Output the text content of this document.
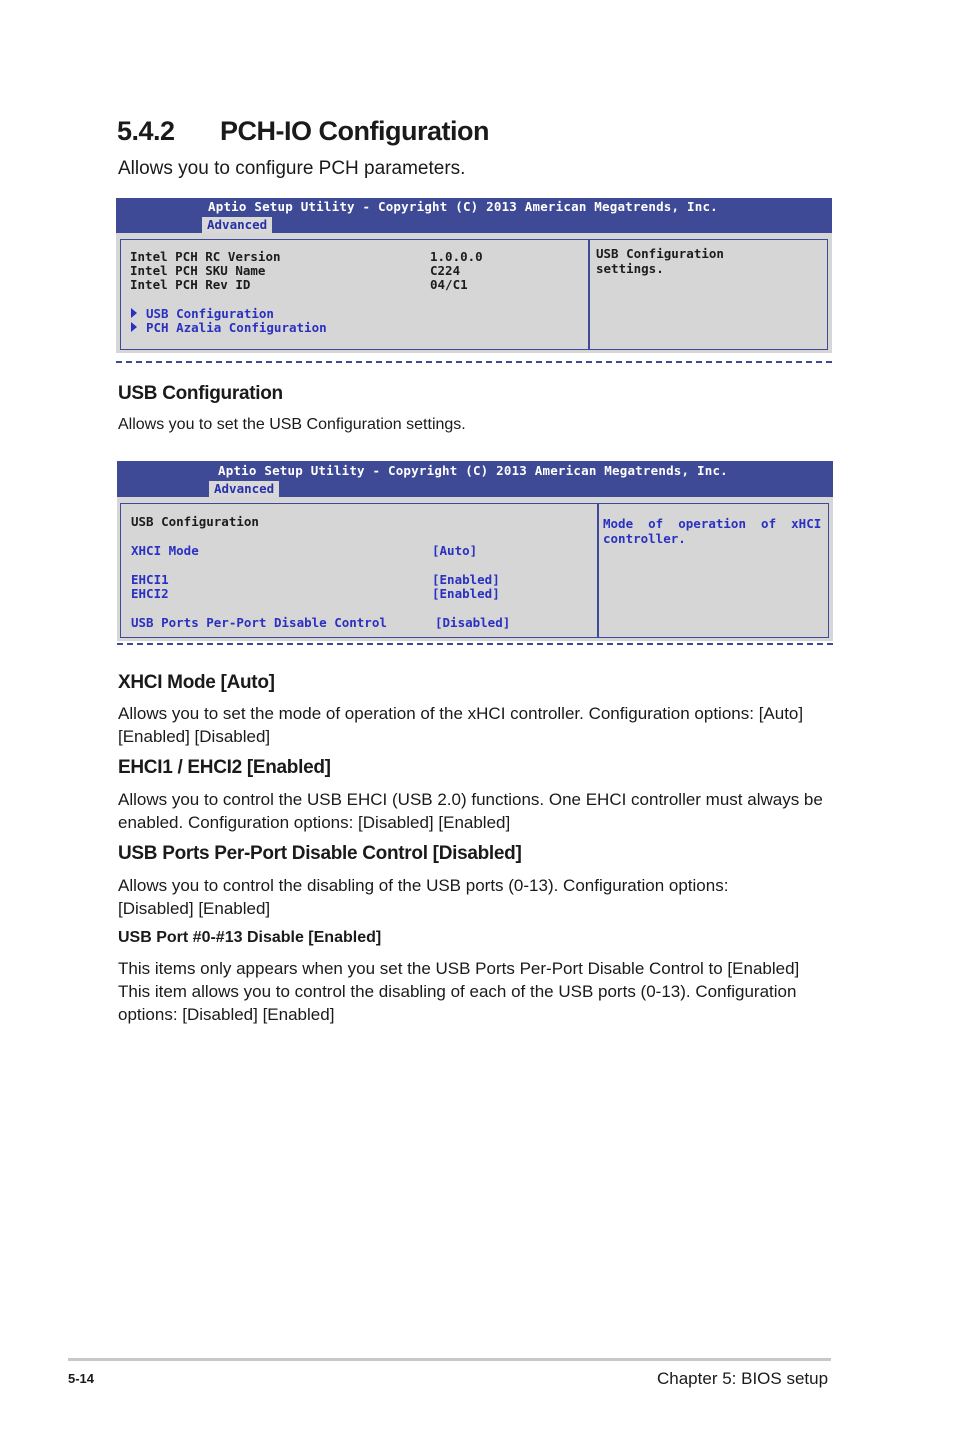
5.4.2 PCH-IO Configuration
Allows you to configure PCH parameters.
Aptio Setup Utility - Copyright (C) 2013 American Megatrends, Inc.
Advanced
Intel PCH RC Version	1.0.0.0
Intel PCH SKU Name	C224
Intel PCH Rev ID	04/C1
USB Configuration
PCH Azalia Configuration
USB Configuration
settings.
USB Configuration
Allows you to set the USB Configuration settings.
Aptio Setup Utility - Copyright (C) 2013 American Megatrends, Inc.
Advanced
USB Configuration
XHCI Mode	[Auto]
EHCI1	[Enabled]
EHCI2	[Enabled]
USB Ports Per-Port Disable Control	[Disabled]
Mode  of  operation  of  xHCI
controller.
XHCI Mode [Auto]
Allows you to set the mode of operation of the xHCI controller. Configuration options: [Auto] [Enabled] [Disabled]
EHCI1 / EHCI2 [Enabled]
Allows you to control the USB EHCI (USB 2.0) functions. One EHCI controller must always be enabled. Configuration options: [Disabled] [Enabled]
USB Ports Per-Port Disable Control [Disabled]
Allows you to control the disabling of the USB ports (0-13). Configuration options: [Disabled] [Enabled]
USB Port #0-#13 Disable [Enabled]
This items only appears when you set the USB Ports Per-Port Disable Control to [Enabled] This item allows you to control the disabling of each of the USB ports (0-13). Configuration options: [Disabled] [Enabled]
5-14	Chapter 5: BIOS setup
